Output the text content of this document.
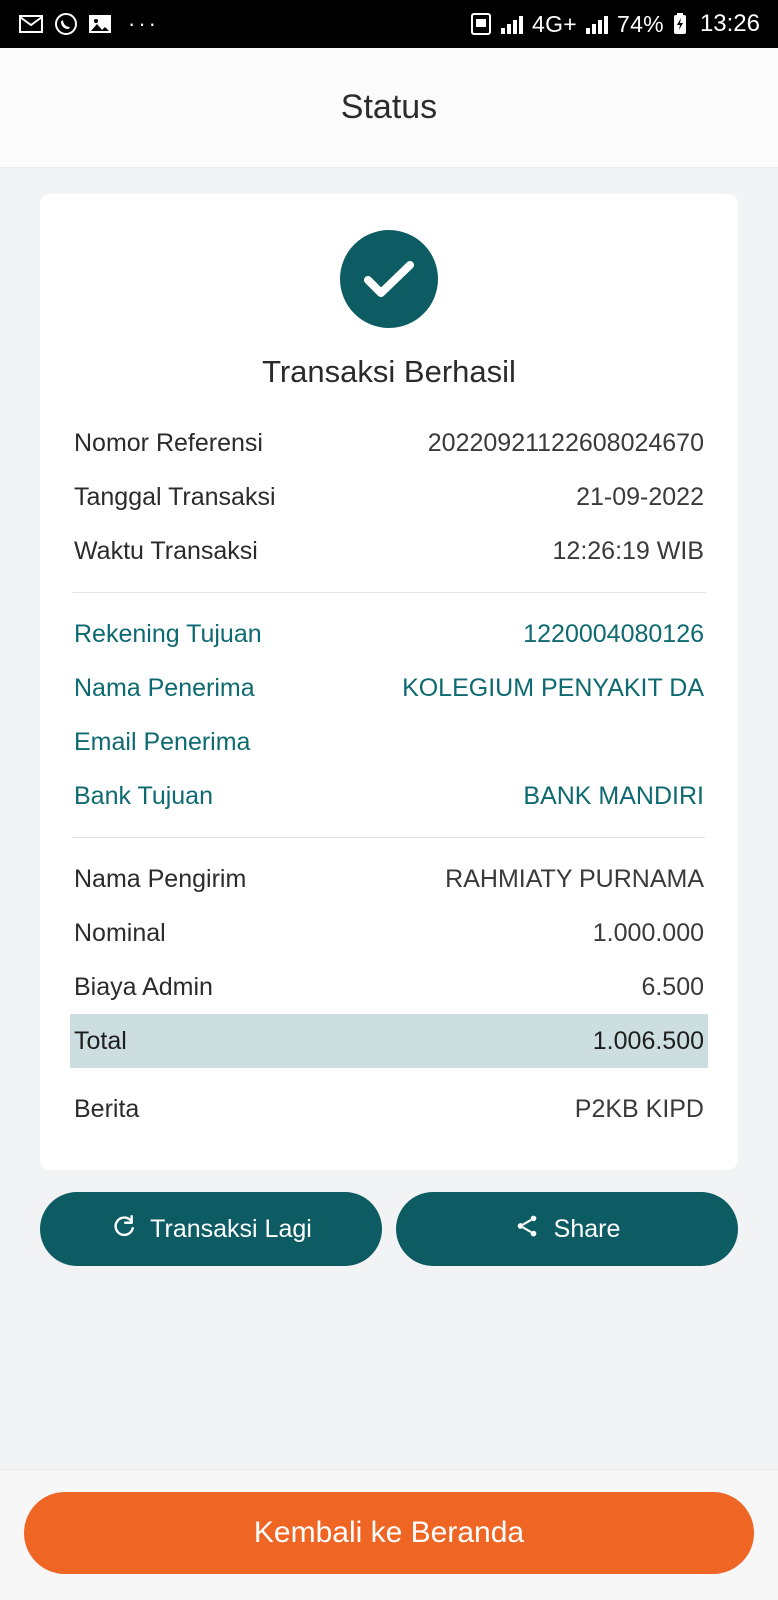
···	4G+ 74% 13:26
Status
Transaksi Berhasil
Nomor Referensi	20220921122608024670
Tanggal Transaksi	21-09-2022
Waktu Transaksi	12:26:19 WIB
Rekening Tujuan	1220004080126
Nama Penerima	KOLEGIUM PENYAKIT DA
Email Penerima
Bank Tujuan	BANK MANDIRI
Nama Pengirim	RAHMIATY PURNAMA
Nominal	1.000.000
Biaya Admin	6.500
Total	1.006.500
Berita	P2KB KIPD
Transaksi Lagi	Share
Kembali ke Beranda
